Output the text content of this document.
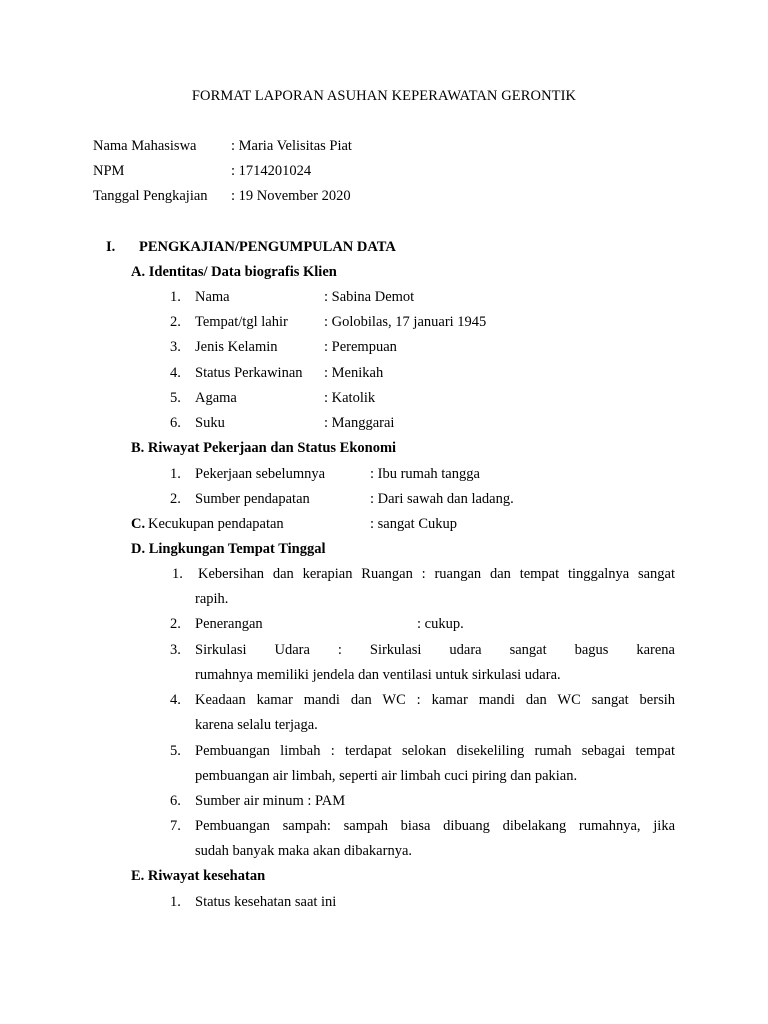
FORMAT LAPORAN ASUHAN KEPERAWATAN GERONTIK
Nama Mahasiswa : Maria Velisitas Piat
NPM	: 1714201024
Tanggal Pengkajian : 19 November 2020
I. PENGKAJIAN/PENGUMPULAN DATA
A. Identitas/ Data biografis Klien
1. Nama	: Sabina Demot
2. Tempat/tgl lahir : Golobilas, 17 januari 1945
3. Jenis Kelamin	: Perempuan
4. Status Perkawinan : Menikah
5. Agama	: Katolik
6. Suku	: Manggarai
B. Riwayat Pekerjaan dan Status Ekonomi
1. Pekerjaan sebelumnya	: Ibu rumah tangga
2. Sumber pendapatan	: Dari sawah dan ladang.
C. Kecukupan pendapatan	: sangat Cukup
D. Lingkungan Tempat Tinggal
1. Kebersihan dan kerapian Ruangan : ruangan dan tempat tinggalnya sangat
rapih.
2. Penerangan	: cukup.
3. Sirkulasi Udara : Sirkulasi udara sangat bagus karena
rumahnya memiliki jendela dan ventilasi untuk sirkulasi udara.
4. Keadaan kamar mandi dan WC : kamar mandi dan WC sangat bersih
karena selalu terjaga.
5. Pembuangan limbah : terdapat selokan disekeliling rumah sebagai tempat
pembuangan air limbah, seperti air limbah cuci piring dan pakian.
6. Sumber air minum : PAM
7. Pembuangan sampah: sampah biasa dibuang dibelakang rumahnya, jika
sudah banyak maka akan dibakarnya.
E. Riwayat kesehatan
1. Status kesehatan saat ini
